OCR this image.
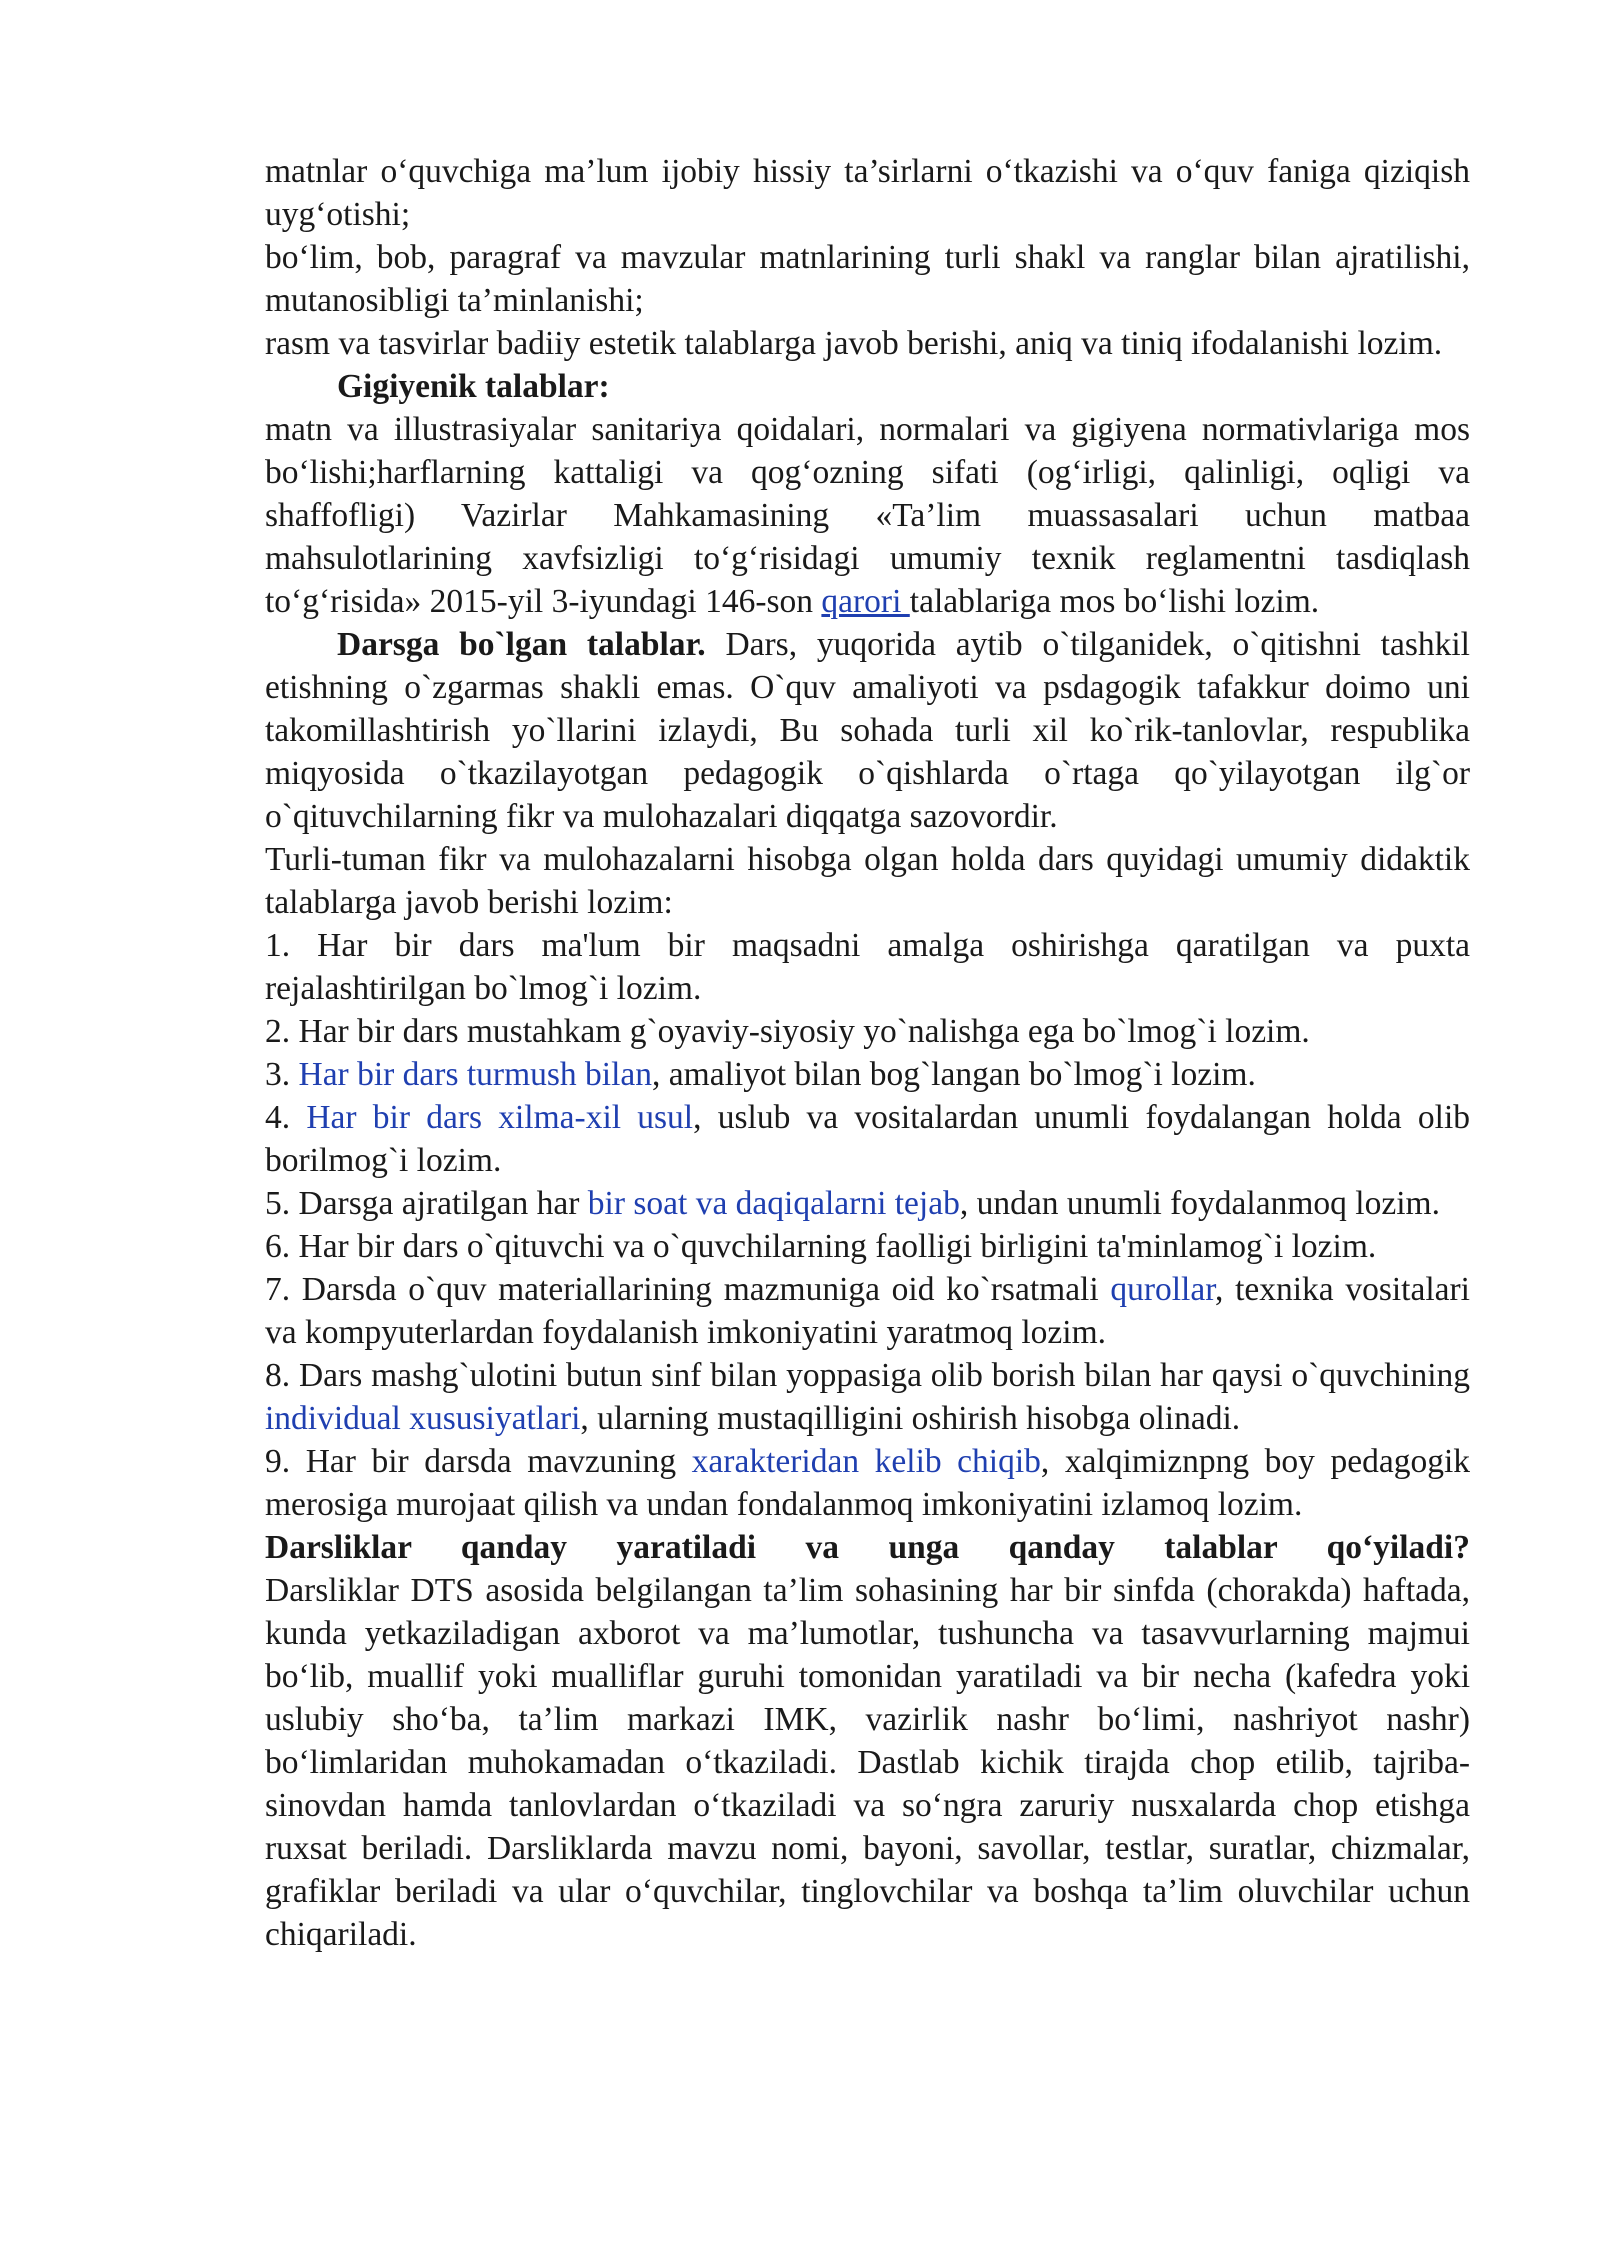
matnlar o‘quvchiga ma’lum ijobiy hissiy ta’sirlarni o‘tkazishi va o‘quv faniga qiziqish uyg‘otishi;

bo‘lim, bob, paragraf va mavzular matnlarining turli shakl va ranglar bilan ajratilishi, mutanosibligi ta’minlanishi;

rasm va tasvirlar badiiy estetik talablarga javob berishi, aniq va tiniq ifodalanishi lozim.

Gigiyenik talablar:

matn va illustrasiyalar sanitariya qoidalari, normalari va gigiyena normativlariga mos bo‘lishi;harflarning kattaligi va qog‘ozning sifati (og‘irligi, qalinligi, oqligi va shaffofligi) Vazirlar Mahkamasining «Ta’lim muassasalari uchun matbaa mahsulotlarining xavfsizligi to‘g‘risidagi umumiy texnik reglamentni tasdiqlash to‘g‘risida» 2015-yil 3-iyundagi 146-son qarori talablariga mos bo‘lishi lozim.

Darsga bo`lgan talablar. Dars, yuqorida aytib o`tilganidek, o`qitishni tashkil etishning o`zgarmas shakli emas. O`quv amaliyoti va psdagogik tafakkur doimo uni takomillashtirish yo`llarini izlaydi, Bu sohada turli xil ko`rik-tanlovlar, respublika miqyosida o`tkazilayotgan pedagogik o`qishlarda o`rtaga qo`yilayotgan ilg`or o`qituvchilarning fikr va mulohazalari diqqatga sazovordir.

Turli-tuman fikr va mulohazalarni hisobga olgan holda dars quyidagi umumiy didaktik talablarga javob berishi lozim:

1. Har bir dars ma'lum bir maqsadni amalga oshirishga qaratilgan va puxta rejalashtirilgan bo`lmog`i lozim.

2. Har bir dars mustahkam g`oyaviy-siyosiy yo`nalishga ega bo`lmog`i lozim.

3. Har bir dars turmush bilan, amaliyot bilan bog`langan bo`lmog`i lozim.

4. Har bir dars xilma-xil usul, uslub va vositalardan unumli foydalangan holda olib borilmog`i lozim.

5. Darsga ajratilgan har bir soat va daqiqalarni tejab, undan unumli foydalanmoq lozim.

6. Har bir dars o`qituvchi va o`quvchilarning faolligi birligini ta'minlamog`i lozim.

7. Darsda o`quv materiallarining mazmuniga oid ko`rsatmali qurollar, texnika vositalari va kompyuterlardan foydalanish imkoniyatini yaratmoq lozim.

8. Dars mashg`ulotini butun sinf bilan yoppasiga olib borish bilan har qaysi o`quvchining individual xususiyatlari, ularning mustaqilligini oshirish hisobga olinadi.

9. Har bir darsda mavzuning xarakteridan kelib chiqib, xalqimiznpng boy pedagogik merosiga murojaat qilish va undan fondalanmoq imkoniyatini izlamoq lozim.

Darsliklar qanday yaratiladi va unga qanday talablar qo‘yiladi?

Darsliklar DTS asosida belgilangan ta’lim sohasining har bir sinfda (chorakda) haftada, kunda yetkaziladigan axborot va ma’lumotlar, tushuncha va tasavvurlarning majmui bo‘lib, muallif yoki mualliflar guruhi tomonidan yaratiladi va bir necha (kafedra yoki uslubiy sho‘ba, ta’lim markazi IMK, vazirlik nashr bo‘limi, nashriyot nashr) bo‘limlaridan muhokamadan o‘tkaziladi. Dastlab kichik tirajda chop etilib, tajriba-sinovdan hamda tanlovlardan o‘tkaziladi va so‘ngra zaruriy nusxalarda chop etishga ruxsat beriladi. Darsliklarda mavzu nomi, bayoni, savollar, testlar, suratlar, chizmalar, grafiklar beriladi va ular o‘quvchilar, tinglovchilar va boshqa ta’lim oluvchilar uchun chiqariladi.
